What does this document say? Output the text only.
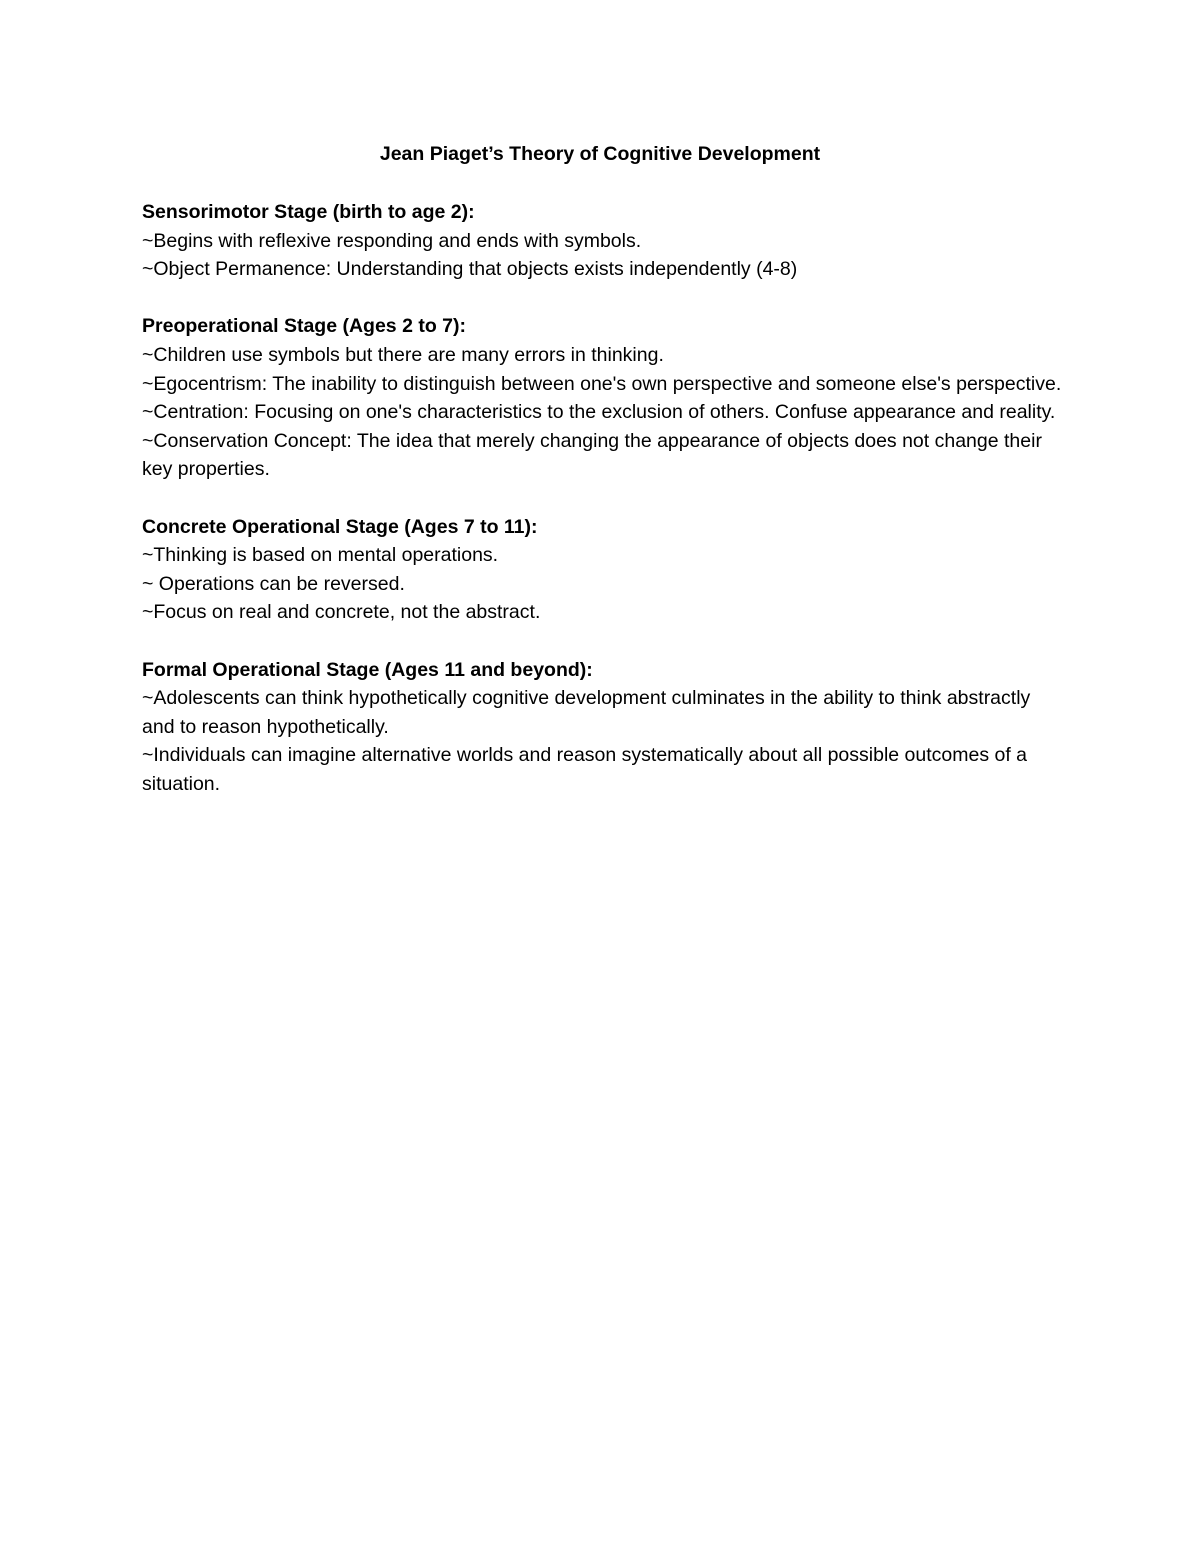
Jean Piaget’s Theory of Cognitive Development

Sensorimotor Stage (birth to age 2):

~Begins with reflexive responding and ends with symbols.

~Object Permanence: Understanding that objects exists independently (4-8)

Preoperational Stage (Ages 2 to 7):

~Children use symbols but there are many errors in thinking.

~Egocentrism: The inability to distinguish between one's own perspective and someone else's perspective.

~Centration: Focusing on one's characteristics to the exclusion of others. Confuse appearance and reality.

~Conservation Concept: The idea that merely changing the appearance of objects does not change their key properties.

Concrete Operational Stage (Ages 7 to 11):

~Thinking is based on mental operations.

~ Operations can be reversed.

~Focus on real and concrete, not the abstract.

Formal Operational Stage (Ages 11 and beyond):

~Adolescents can think hypothetically cognitive development culminates in the ability to think abstractly and to reason hypothetically.

~Individuals can imagine alternative worlds and reason systematically about all possible outcomes of a situation.
